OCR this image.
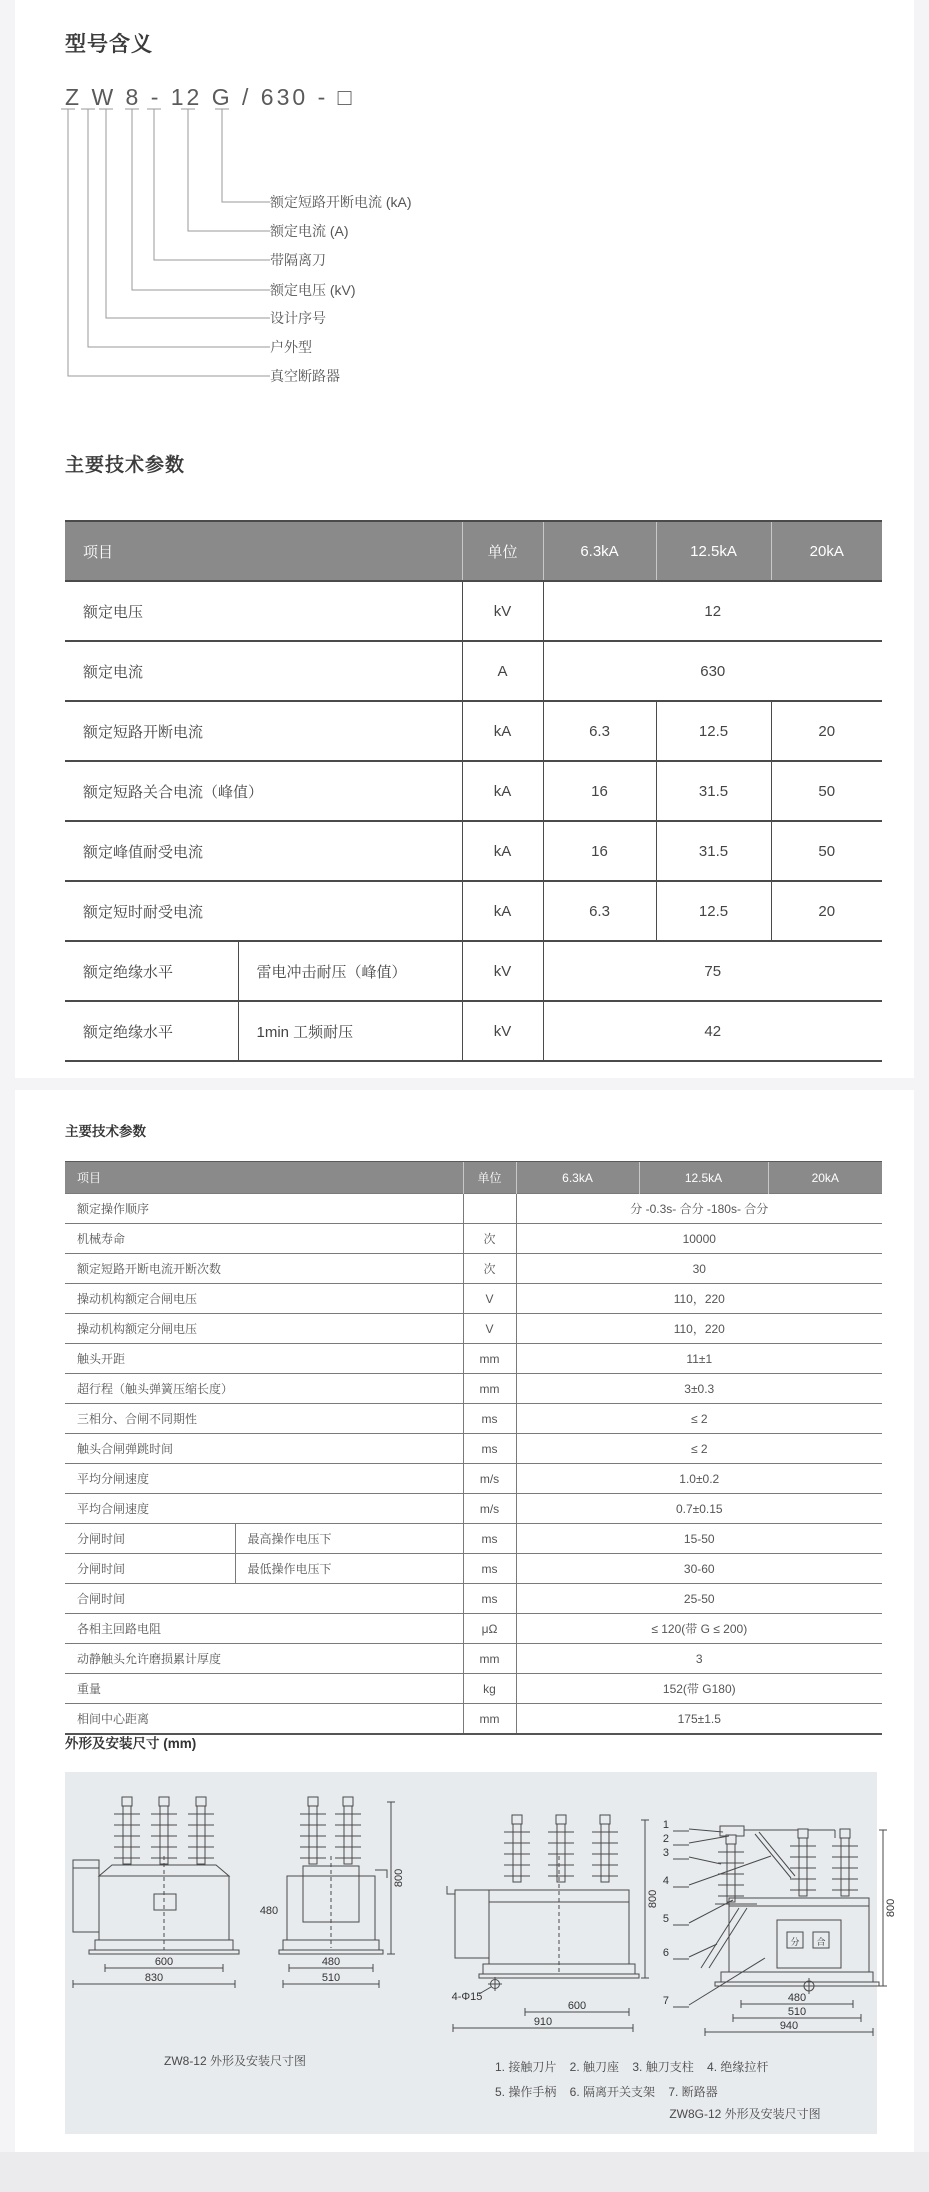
型号含义
Z W 8 - 12 G / 630 - □
额定短路开断电流 (kA)
额定电流 (A)
带隔离刀
额定电压 (kV)
设计序号
户外型
真空断路器
主要技术参数
项目		单位	6.3kA	12.5kA	20kA
额定电压		kV	12		
额定电流		A	630		
额定短路开断电流		kA	6.3	12.5	20
额定短路关合电流（峰值）		kA	16	31.5	50
额定峰值耐受电流		kA	16	31.5	50
额定短时耐受电流		kA	6.3	12.5	20
额定绝缘水平	雷电冲击耐压（峰值）	kV	75		
额定绝缘水平	1min 工频耐压	kV	42		
主要技术参数
项目		单位	6.3kA	12.5kA	20kA
额定操作顺序			分 -0.3s- 合分 -180s- 合分		
机械寿命		次	10000		
额定短路开断电流开断次数		次	30		
操动机构额定合闸电压		V	110，220		
操动机构额定分闸电压		V	110，220		
触头开距		mm	11±1		
超行程（触头弹簧压缩长度）		mm	3±0.3		
三相分、合闸不同期性		ms	≤ 2		
触头合闸弹跳时间		ms	≤ 2		
平均分闸速度		m/s	1.0±0.2		
平均合闸速度		m/s	0.7±0.15		
分闸时间	最高操作电压下	ms	15-50		
分闸时间	最低操作电压下	ms	30-60		
合闸时间		ms	25-50		
各相主回路电阻		μΩ	≤ 120(带 G ≤ 200)		
动静触头允许磨损累计厚度		mm	3		
重量		kg	152(带 G180)		
相间中心距离		mm	175±1.5		
外形及安装尺寸 (mm)
600
830
480
480
510
800
4-Φ15
600
910
800
1
2
3
4
5
6
7
分 合
480
510
940
800
ZW8-12 外形及安装尺寸图	1. 接触刀片    2. 触刀座    3. 触刀支柱    4. 绝缘拉杆
5. 操作手柄    6. 隔离开关支架    7. 断路器
ZW8G-12 外形及安装尺寸图
